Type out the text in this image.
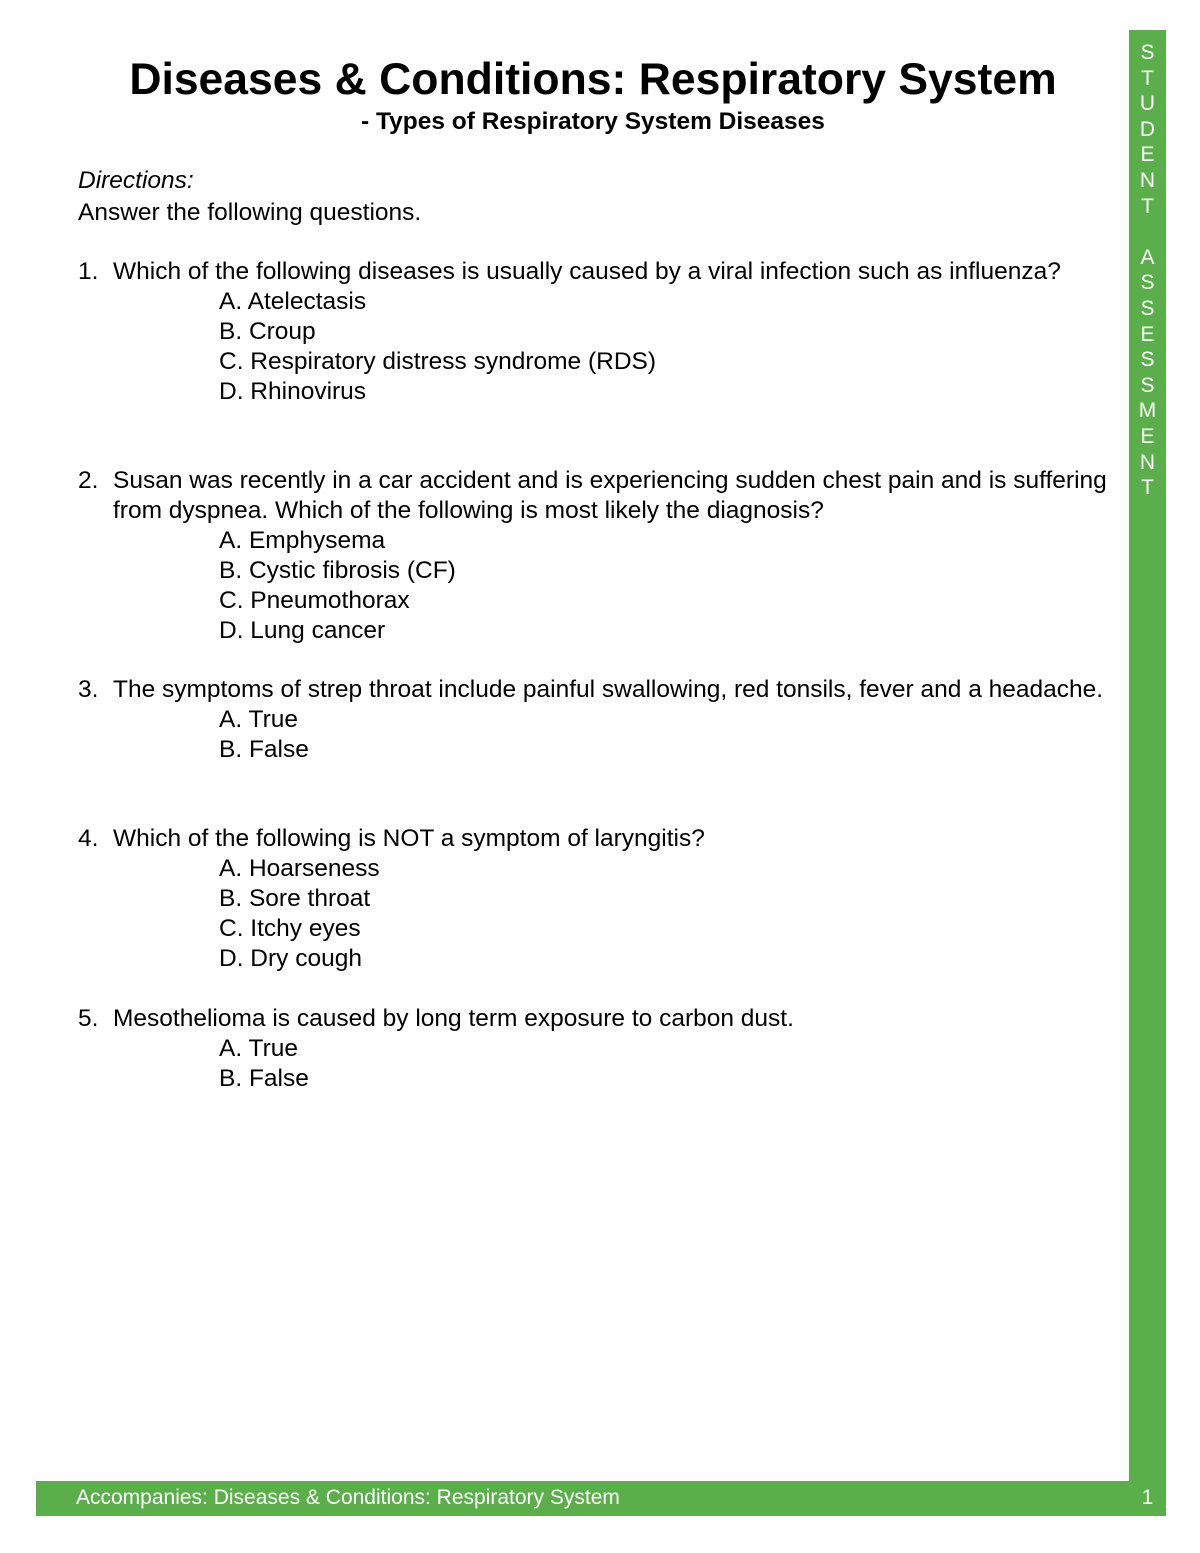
Diseases & Conditions: Respiratory System
- Types of Respiratory System Diseases
Directions:
Answer the following questions.
1. Which of the following diseases is usually caused by a viral infection such as influenza?
A. Atelectasis
B. Croup
C. Respiratory distress syndrome (RDS)
D. Rhinovirus
2. Susan was recently in a car accident and is experiencing sudden chest pain and is suffering from dyspnea. Which of the following is most likely the diagnosis?
A. Emphysema
B. Cystic fibrosis (CF)
C. Pneumothorax
D. Lung cancer
3. The symptoms of strep throat include painful swallowing, red tonsils, fever and a headache.
A. True
B. False
4. Which of the following is NOT a symptom of laryngitis?
A. Hoarseness
B. Sore throat
C. Itchy eyes
D. Dry cough
5. Mesothelioma is caused by long term exposure to carbon dust.
A. True
B. False
S
T
U
D
E
N
T

A
S
S
E
S
S
M
E
N
T
Accompanies: Diseases & Conditions: Respiratory System	1
